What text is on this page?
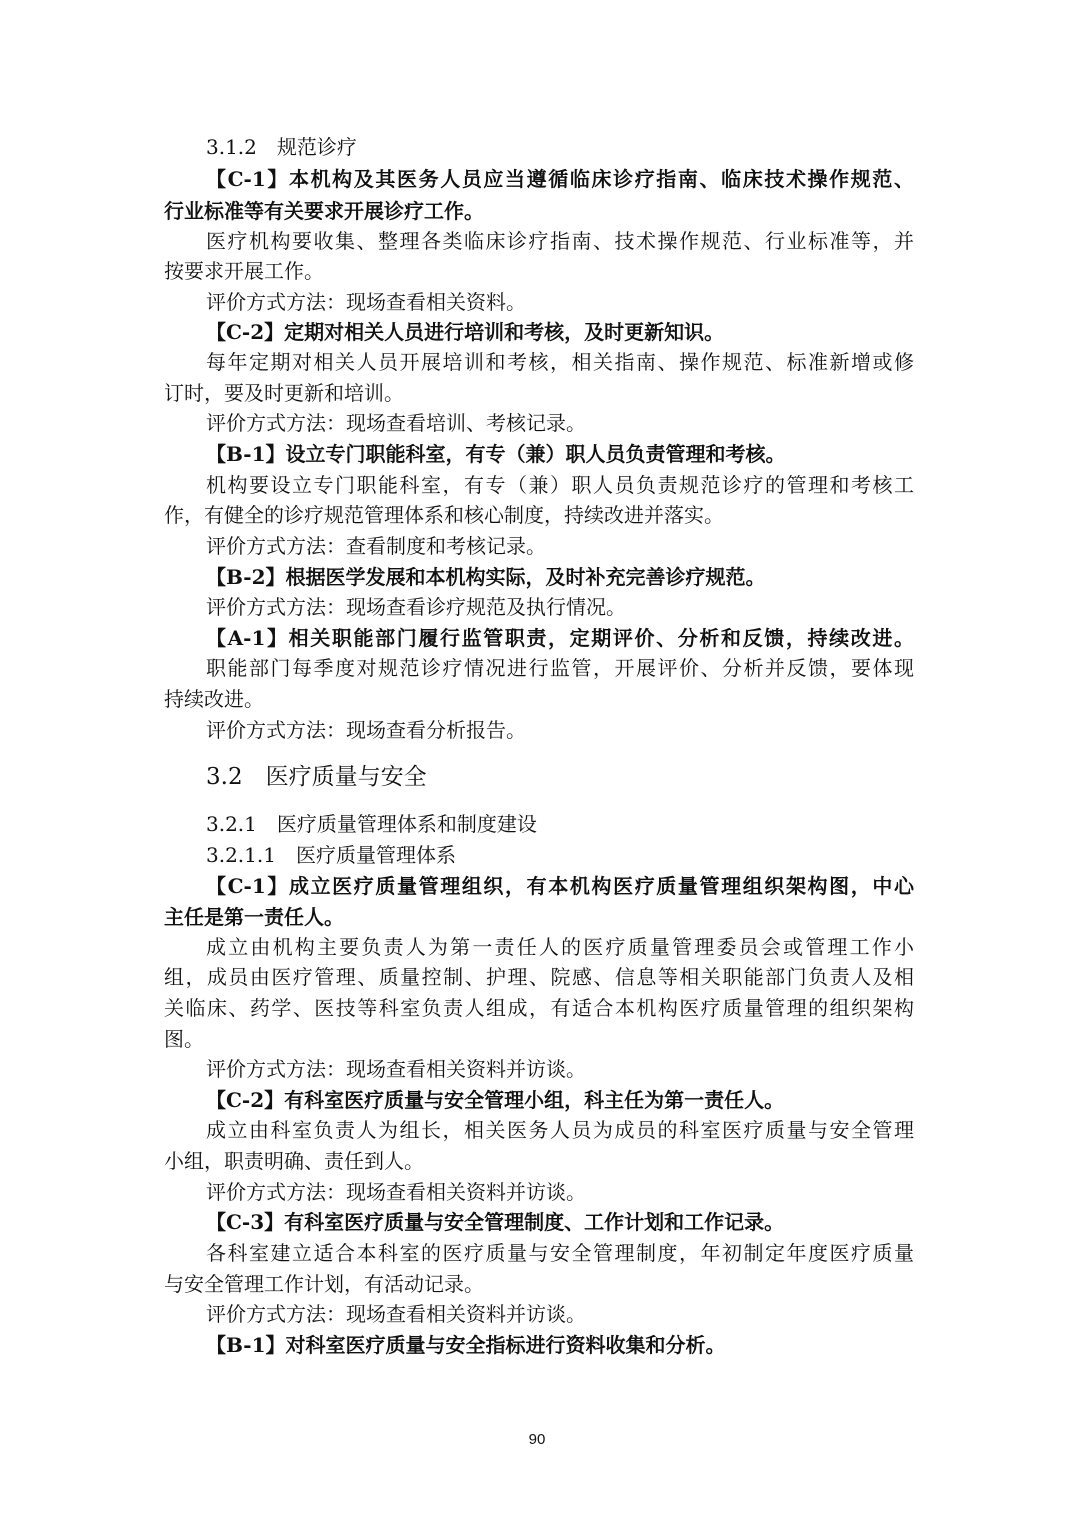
3.1.2　规范诊疗
【C-1】本机构及其医务人员应当遵循临床诊疗指南、临床技术操作规范、
行业标准等有关要求开展诊疗工作。
医疗机构要收集、整理各类临床诊疗指南、技术操作规范、行业标准等，并
按要求开展工作。
评价方式方法：现场查看相关资料。
【C-2】定期对相关人员进行培训和考核，及时更新知识。
每年定期对相关人员开展培训和考核，相关指南、操作规范、标准新增或修
订时，要及时更新和培训。
评价方式方法：现场查看培训、考核记录。
【B-1】设立专门职能科室，有专（兼）职人员负责管理和考核。
机构要设立专门职能科室，有专（兼）职人员负责规范诊疗的管理和考核工
作，有健全的诊疗规范管理体系和核心制度，持续改进并落实。
评价方式方法：查看制度和考核记录。
【B-2】根据医学发展和本机构实际，及时补充完善诊疗规范。
评价方式方法：现场查看诊疗规范及执行情况。
【A-1】相关职能部门履行监管职责，定期评价、分析和反馈，持续改进。
职能部门每季度对规范诊疗情况进行监管，开展评价、分析并反馈，要体现
持续改进。
评价方式方法：现场查看分析报告。
3.2　医疗质量与安全
3.2.1　医疗质量管理体系和制度建设
3.2.1.1　医疗质量管理体系
【C-1】成立医疗质量管理组织，有本机构医疗质量管理组织架构图，中心
主任是第一责任人。
成立由机构主要负责人为第一责任人的医疗质量管理委员会或管理工作小
组，成员由医疗管理、质量控制、护理、院感、信息等相关职能部门负责人及相
关临床、药学、医技等科室负责人组成，有适合本机构医疗质量管理的组织架构
图。
评价方式方法：现场查看相关资料并访谈。
【C-2】有科室医疗质量与安全管理小组，科主任为第一责任人。
成立由科室负责人为组长，相关医务人员为成员的科室医疗质量与安全管理
小组，职责明确、责任到人。
评价方式方法：现场查看相关资料并访谈。
【C-3】有科室医疗质量与安全管理制度、工作计划和工作记录。
各科室建立适合本科室的医疗质量与安全管理制度，年初制定年度医疗质量
与安全管理工作计划，有活动记录。
评价方式方法：现场查看相关资料并访谈。
【B-1】对科室医疗质量与安全指标进行资料收集和分析。
90
